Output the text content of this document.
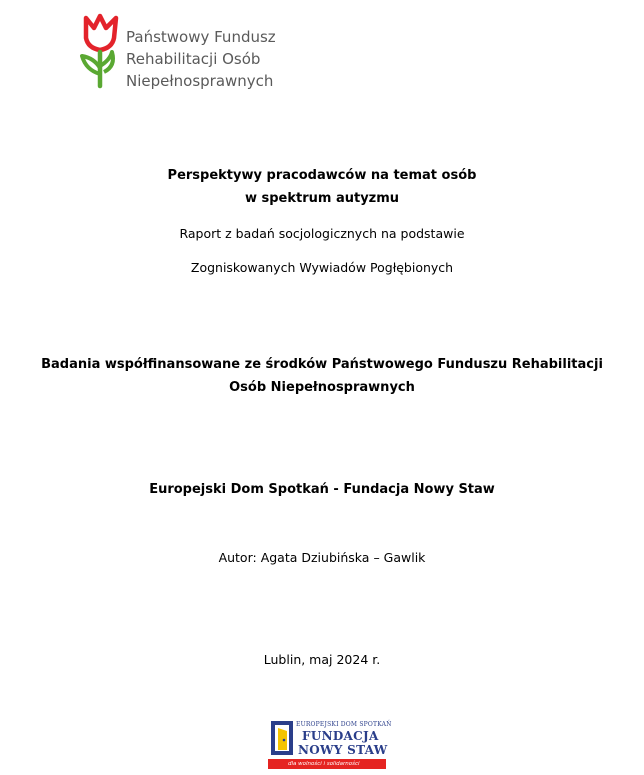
Państwowy Fundusz
Rehabilitacji Osób
Niepełnosprawnych
Perspektywy pracodawców na temat osób
w spektrum autyzmu
Raport z badań socjologicznych na podstawie
Zogniskowanych Wywiadów Pogłębionych
Badania współfinansowane ze środków Państwowego Funduszu Rehabilitacji
Osób Niepełnosprawnych
Europejski Dom Spotkań - Fundacja Nowy Staw
Autor: Agata Dziubińska – Gawlik
Lublin, maj 2024 r.
EUROPEJSKI DOM SPOTKAŃ
FUNDACJA
NOWY STAW
dla wolności i solidarności
